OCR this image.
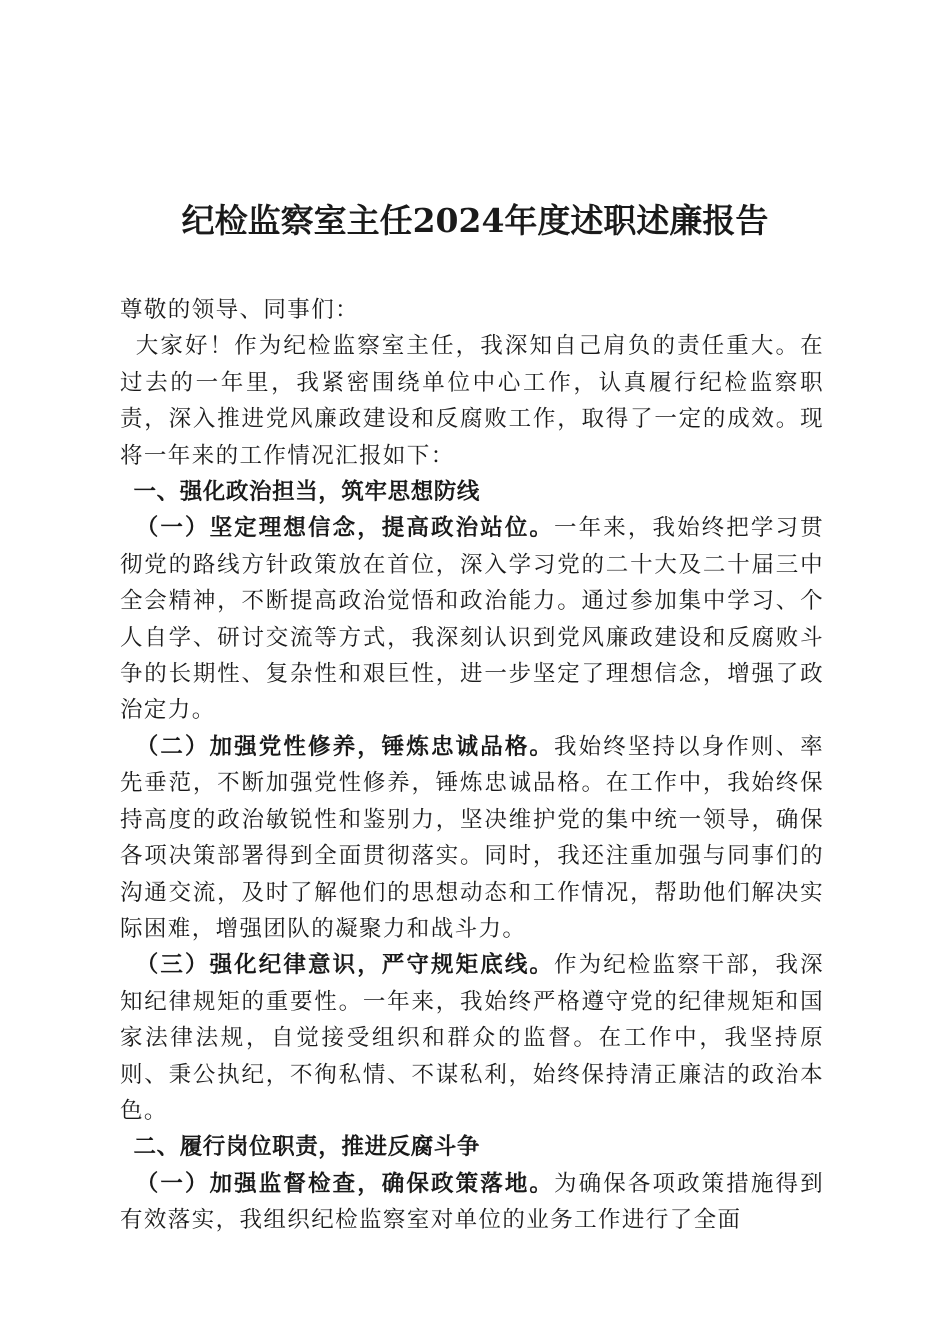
纪检监察室主任2024年度述职述廉报告

尊敬的领导、同事们：

大家好！作为纪检监察室主任，我深知自己肩负的责任重大。在过去的一年里，我紧密围绕单位中心工作，认真履行纪检监察职责，深入推进党风廉政建设和反腐败工作，取得了一定的成效。现将一年来的工作情况汇报如下：

一、强化政治担当，筑牢思想防线

（一）坚定理想信念，提高政治站位。一年来，我始终把学习贯彻党的路线方针政策放在首位，深入学习党的二十大及二十届三中全会精神，不断提高政治觉悟和政治能力。通过参加集中学习、个人自学、研讨交流等方式，我深刻认识到党风廉政建设和反腐败斗争的长期性、复杂性和艰巨性，进一步坚定了理想信念，增强了政治定力。

（二）加强党性修养，锤炼忠诚品格。我始终坚持以身作则、率先垂范，不断加强党性修养，锤炼忠诚品格。在工作中，我始终保持高度的政治敏锐性和鉴别力，坚决维护党的集中统一领导，确保各项决策部署得到全面贯彻落实。同时，我还注重加强与同事们的沟通交流，及时了解他们的思想动态和工作情况，帮助他们解决实际困难，增强团队的凝聚力和战斗力。

（三）强化纪律意识，严守规矩底线。作为纪检监察干部，我深知纪律规矩的重要性。一年来，我始终严格遵守党的纪律规矩和国家法律法规，自觉接受组织和群众的监督。在工作中，我坚持原则、秉公执纪，不徇私情、不谋私利，始终保持清正廉洁的政治本色。

二、履行岗位职责，推进反腐斗争

（一）加强监督检查，确保政策落地。为确保各项政策措施得到有效落实，我组织纪检监察室对单位的业务工作进行了全面
